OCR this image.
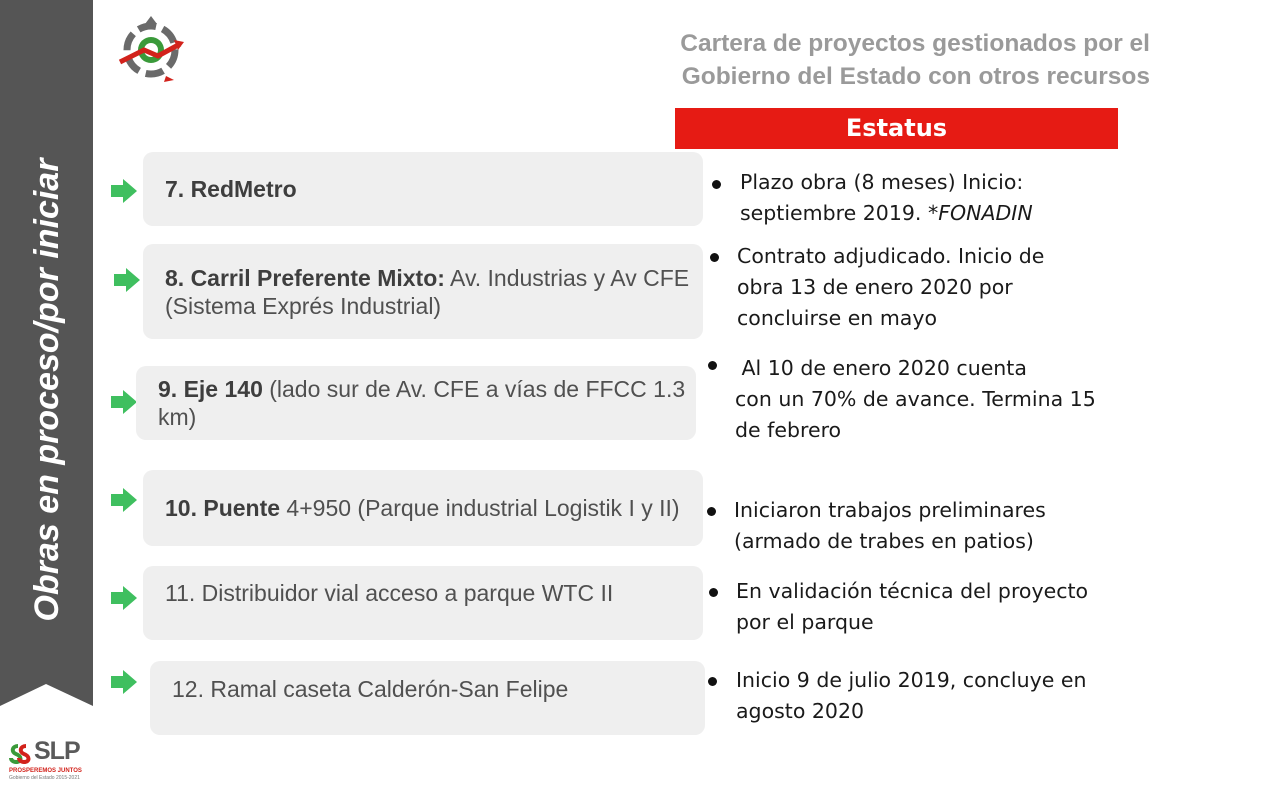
Obras en proceso/por iniciar
SLP
PROSPEREMOS JUNTOS
Gobierno del Estado 2015-2021
Cartera de proyectos gestionados por el
Gobierno del Estado con otros recursos
Estatus
7. RedMetro
8. Carril Preferente Mixto: Av. Industrias y Av CFE (Sistema Exprés Industrial)
9. Eje 140 (lado sur de Av. CFE a vías de FFCC 1.3 km)
10. Puente 4+950 (Parque industrial Logistik I y II)
11. Distribuidor vial acceso a parque WTC II
12. Ramal caseta Calderón-San Felipe
Plazo obra (8 meses) Inicio:
septiembre 2019. *FONADIN
Contrato adjudicado. Inicio de
obra 13 de enero 2020 por
concluirse en mayo
Al 10 de enero 2020 cuenta
con un 70% de avance. Termina 15
de febrero
Iniciaron trabajos preliminares
(armado de trabes en patios)
En validación técnica del proyecto
por el parque
Inicio 9 de julio 2019, concluye en
agosto 2020
